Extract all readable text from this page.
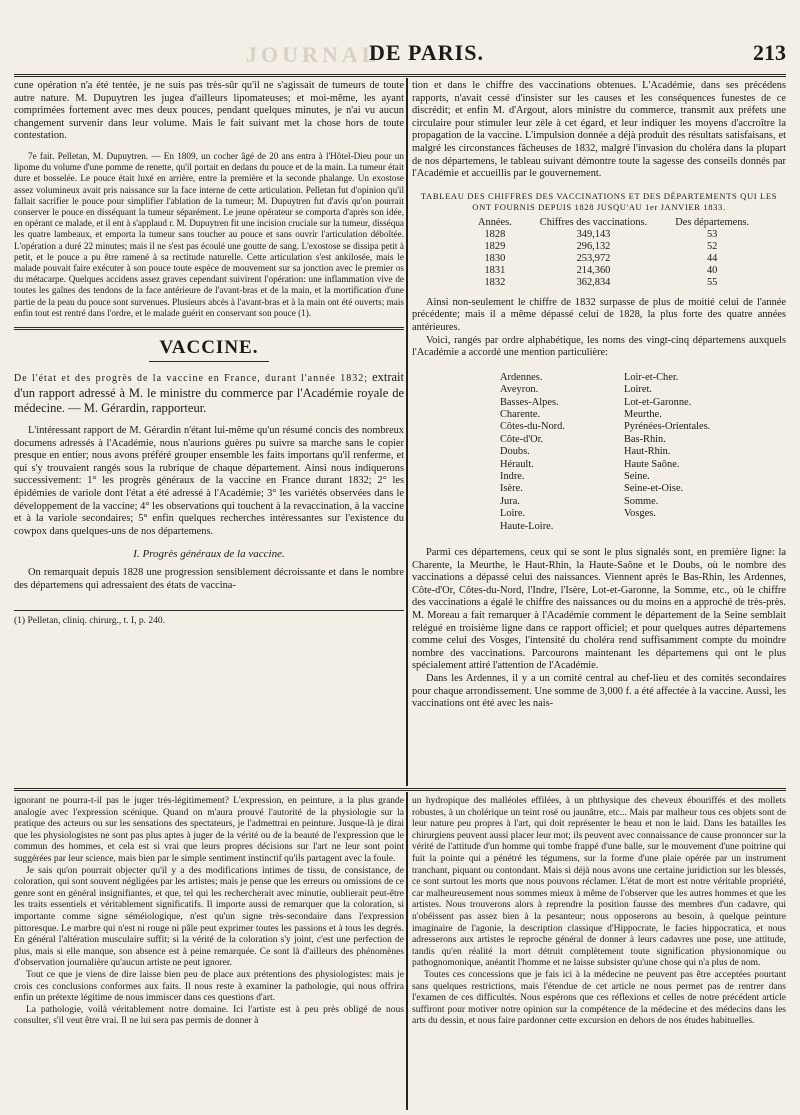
JOURNAL
DE PARIS.	213

cune opération n'a été tentée, je ne suis pas très-sûr qu'il ne s'agissait de tumeurs de toute autre nature. M. Dupuytren les jugea d'ailleurs lipomateuses; et moi-même, les ayant comprimées fortement avec mes deux pouces, pendant quelques minutes, je n'ai vu aucun changement survenir dans leur volume. Mais le fait suivant met la chose hors de toute contestation.

7e fait. Pelletan, M. Dupuytren. — En 1809, un cocher âgé de 20 ans entra à l'Hôtel-Dieu pour un lipome du volume d'une pomme de renette, qu'il portait en dedans du pouce et de la main. La tumeur était dure et bosselée. Le pouce était luxé en arrière, entre la première et la seconde phalange. Un exostose assez volumineux avait pris naissance sur la face interne de cette articulation. Pelletan fut d'opinion qu'il fallait sacrifier le pouce pour simplifier l'ablation de la tumeur; M. Dupuytren fut d'avis qu'on pourrait conserver le pouce en disséquant la tumeur séparément. Le jeune opérateur se comporta d'après son idée, en opérant ce malade, et il ent à s'applaud r. M. Dupuytren fit une incision cruciale sur la tumeur, disséqua les quatre lambeaux, et emporta la tumeur sans toucher au pouce et sans ouvrir l'articulation déboîtée. L'opération a duré 22 minutes; mais il ne s'est pas écoulé une goutte de sang. L'exostose se dissipa petit à petit, et le pouce a pu être ramené à sa rectitude naturelle. Cette articulation s'est ankilosée, mais le malade pouvait faire exécuter à son pouce toute espèce de mouvement sur sa jonction avec le premier os du métacarpe. Quelques accidens assez graves cependant suivirent l'opération: une inflammation vive de toutes les gaînes des tendons de la face antérieure de l'avant-bras et de la main, et la mortification d'une partie de la peau du pouce sont survenues. Plusieurs abcès à l'avant-bras et à la main ont été ouverts; mais enfin tout est rentré dans l'ordre, et le malade guérit en conservant son pouce (1).

VACCINE.
De l'état et des progrès de la vaccine en France, durant l'année 1832; extrait d'un rapport adressé à M. le ministre du commerce par l'Académie royale de médecine. — M. Gérardin, rapporteur.

L'intéressant rapport de M. Gérardin n'étant lui-même qu'un résumé concis des nombreux documens adressés à l'Académie, nous n'aurions guères pu suivre sa marche sans le copier presque en entier; nous avons préféré grouper ensemble les faits importans qu'il renferme, et qui s'y trouvaient rangés sous la rubrique de chaque département. Ainsi nous indiquerons successivement: 1° les progrès généraux de la vaccine en France durant 1832; 2° les épidémies de variole dont l'état a été adressé à l'Académie; 3° les variétés observées dans le développement de la vaccine; 4° les observations qui touchent à la revaccination, à la vaccine et à la variole secondaires; 5° enfin quelques recherches intéressantes sur l'existence du cowpox dans quelques-uns de nos départemens.

I. Progrès généraux de la vaccine.

On remarquait depuis 1828 une progression sensiblement décroissante et dans le nombre des départemens qui adressaient des états de vaccina-

(1) Pelletan, cliniq. chirurg., t. I, p. 240.

tion et dans le chiffre des vaccinations obtenues. L'Académie, dans ses précédens rapports, n'avait cessé d'insister sur les causes et les conséquences funestes de ce discrédit; et enfin M. d'Argout, alors ministre du commerce, transmit aux préfets une circulaire pour stimuler leur zèle à cet égard, et leur indiquer les moyens d'accroître la propagation de la vaccine. L'impulsion donnée a déjà produit des résultats satisfaisans, et malgré les circonstances fâcheuses de 1832, malgré l'invasion du choléra dans la plupart de nos départemens, le tableau suivant démontre toute la sagesse des conseils donnés par l'Académie et accueillis par le gouvernement.

TABLEAU DES CHIFFRES DES VACCINATIONS ET DES DÉPARTEMENTS QUI LES ONT FOURNIS DEPUIS 1828 JUSQU'AU 1er JANVIER 1833.
Années.	Chiffres des vaccinations.	Des départemens.
1828	349,143	53
1829	296,132	52
1830	253,972	44
1831	214,360	40
1832	362,834	55

Ainsi non-seulement le chiffre de 1832 surpasse de plus de moitié celui de l'année précédente; mais il a même dépassé celui de 1828, la plus forte des quatre années antérieures.

Voici, rangés par ordre alphabétique, les noms des vingt-cinq départemens auxquels l'Académie a accordé une mention particulière:

Ardennes.	Loir-et-Cher.
Aveyron.	Loiret.
Basses-Alpes.	Lot-et-Garonne.
Charente.	Meurthe.
Côtes-du-Nord.	Pyrénées-Orientales.
Côte-d'Or.	Bas-Rhin.
Doubs.	Haut-Rhin.
Hérault.	Haute Saône.
Indre.	Seine.
Isère.	Seine-et-Oise.
Jura.	Somme.
Loire.	Vosges.
Haute-Loire.

Parmi ces départemens, ceux qui se sont le plus signalés sont, en première ligne: la Charente, la Meurthe, le Haut-Rhin, la Haute-Saône et le Doubs, où le nombre des vaccinations a dépassé celui des naissances. Viennent après le Bas-Rhin, les Ardennes, Côte-d'Or, Côtes-du-Nord, l'Indre, l'Isère, Lot-et-Garonne, la Somme, etc., où le chiffre des vaccinations a égalé le chiffre des naissances ou du moins en a approché de très-près. M. Moreau a fait remarquer à l'Académie comment le département de la Seine semblait relégué en troisième ligne dans ce rapport officiel; et pour quelques autres départemens comme celui des Vosges, l'intensité du choléra rend suffisamment compte du moindre nombre des vaccinations. Parcourons maintenant les départemens qui ont le plus spécialement attiré l'attention de l'Académie.

Dans les Ardennes, il y a un comité central au chef-lieu et des comités secondaires pour chaque arrondissement. Une somme de 3,000 f. a été affectée à la vaccine. Aussi, les vaccinations ont été avec les nais-

ignorant ne pourra-t-il pas le juger très-légitimement? L'expression, en peinture, a la plus grande analogie avec l'expression scénique. Quand on m'aura prouvé l'autorité de la physiologie sur la pratique des acteurs ou sur les sensations des spectateurs, je l'admettrai en peinture. Jusque-là je dirai que les physiologistes ne sont pas plus aptes à juger de la vérité ou de la beauté de l'expression que le commun des hommes, et cela est si vrai que leurs propres décisions sur l'art ne leur sont point suggérées par leur science, mais bien par le simple sentiment instinctif qu'ils partagent avec la foule.

Je sais qu'on pourrait objecter qu'il y a des modifications intimes de tissu, de consistance, de coloration, qui sont souvent négligées par les artistes; mais je pense que les erreurs ou omissions de ce genre sont en général insignifiantes, et que, tel qui les rechercherait avec minutie, oublierait peut-être les traits essentiels et véritablement significatifs. Il importe aussi de remarquer que la coloration, si importante comme signe séméiologique, n'est qu'un signe très-secondaire dans l'expression pittoresque. Le marbre qui n'est ni rouge ni pâle peut exprimer toutes les passions et à tous les degrés. En général l'altération musculaire suffit; si la vérité de la coloration s'y joint, c'est une perfection de plus, mais si elle manque, son absence est à peine remarquée. Ce sont là d'ailleurs des phénomènes d'observation journalière qu'aucun artiste ne peut ignorer.

Tout ce que je viens de dire laisse bien peu de place aux prétentions des physiologistes: mais je crois ces conclusions conformes aux faits. Il nous reste à examiner la pathologie, qui nous offrira enfin un prétexte légitime de nous immiscer dans ces questions d'art.

La pathologie, voilà véritablement notre domaine. Ici l'artiste est à peu près obligé de nous consulter, s'il veut être vrai. Il ne lui sera pas permis de donner à

un hydropique des malléoles effilées, à un phthysique des cheveux ébouriffés et des mollets robustes, à un cholérique un teint rosé ou jaunâtre, etc... Mais par malheur tous ces objets sont de leur nature peu propres à l'art, qui doit représenter le beau et non le laid. Dans les batailles les chirurgiens peuvent aussi placer leur mot; ils peuvent avec connaissance de cause prononcer sur la vérité de l'attitude d'un homme qui tombe frappé d'une balle, sur le mouvement d'une poitrine qui fuit la pointe qui a pénétré les tégumens, sur la forme d'une plaie opérée par un instrument tranchant, piquant ou contondant. Mais si déjà nous avons une certaine juridiction sur les blessés, ce sont surtout les morts que nous pouvons réclamer. L'état de mort est notre véritable propriété, car malheureusement nous sommes mieux à même de l'observer que les autres hommes et que les artistes. Nous trouverons alors à reprendre la position fausse des membres d'un cadavre, qui n'obéissent pas assez bien à la pesanteur; nous opposerons au besoin, à quelque peinture imaginaire de l'agonie, la description classique d'Hippocrate, le facies hippocratica, et nous adresserons aux artistes le reproche général de donner à leurs cadavres une pose, une attitude, tandis qu'en réalité la mort détruit complètement toute signification physionomique ou pathognomonique, anéantit l'homme et ne laisse subsister qu'une chose qui n'a plus de nom.

Toutes ces concessions que je fais ici à la médecine ne peuvent pas être acceptées pourtant sans quelques restrictions, mais l'étendue de cet article ne nous permet pas de rentrer dans l'examen de ces difficultés. Nous espérons que ces réflexions et celles de notre précédent article suffiront pour motiver notre opinion sur la compétence de la médecine et des médecins dans les arts du dessin, et nous faire pardonner cette excursion en dehors de nos études habituelles.
